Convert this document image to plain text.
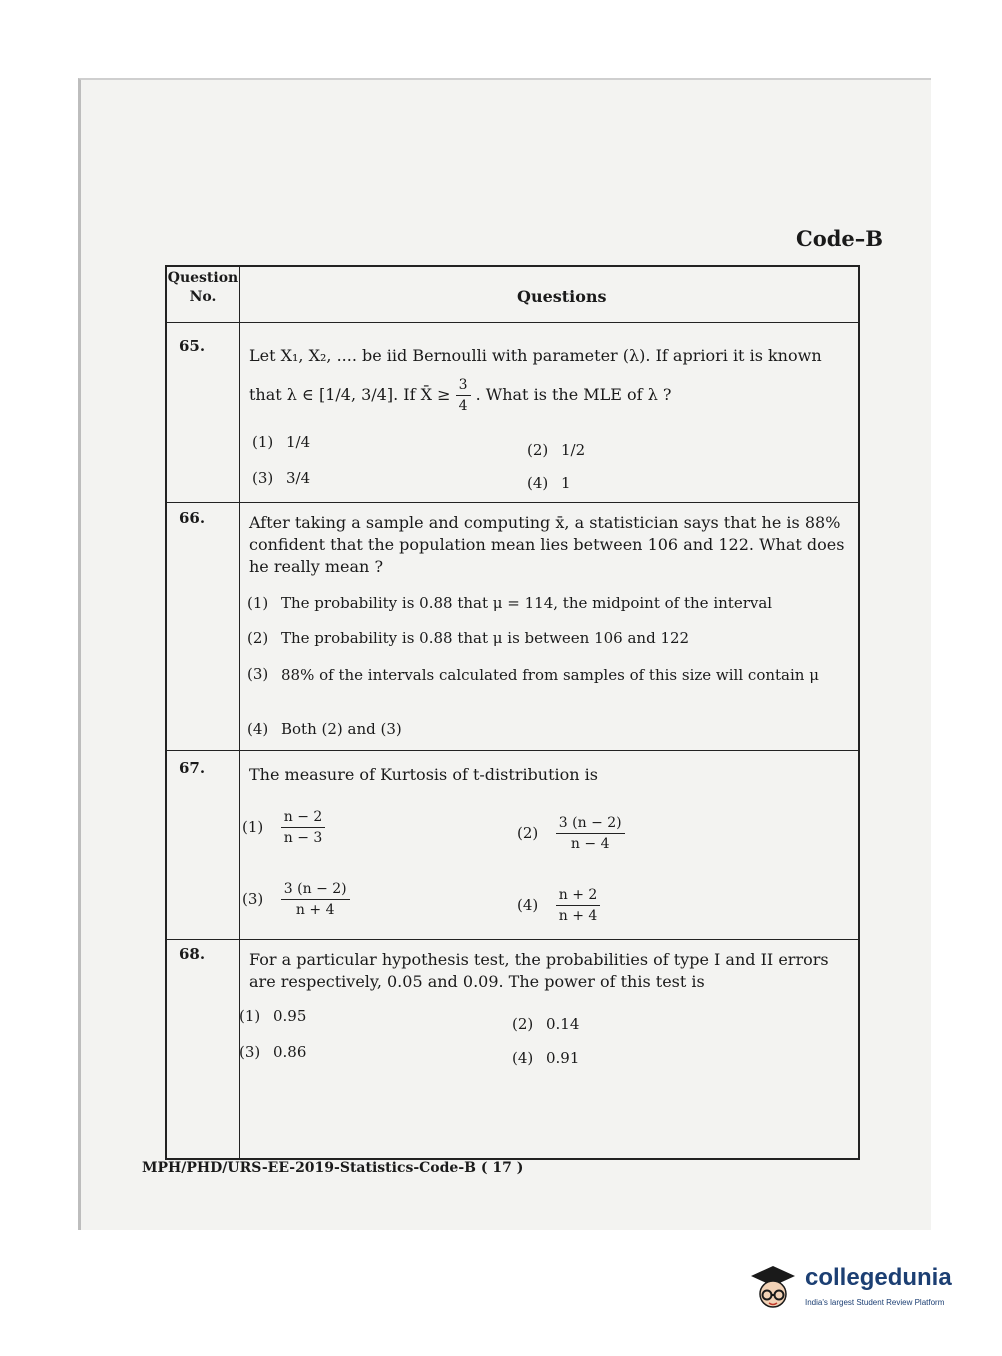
Code–B
Question No.	Questions
65.	Let X₁, X₂, .... be iid Bernoulli with parameter (λ). If apriori it is known
that λ ∈ [1/4, 3/4]. If X̄ ≥ $\frac{3}{4}$ . What is the MLE of λ ?
(1) 1/4	(2) 1/2
(3) 3/4	(4) 1
66.	After taking a sample and computing x̄, a statistician says that he is 88% confident that the population mean lies between 106 and 122. What does he really mean ?
(1) The probability is 0.88 that μ = 114, the midpoint of the interval
(2) The probability is 0.88 that μ is between 106 and 122
(3) 88% of the intervals calculated from samples of this size will contain μ
(4) Both (2) and (3)
67.	The measure of Kurtosis of t-distribution is
$(1) \frac{n - 2}{n - 3}$	$(2) \frac{3 (n - 2)}{n - 4}$
$(3) \frac{3 (n - 2)}{n + 4}$	$(4) \frac{n + 2}{n + 4}$
68.	For a particular hypothesis test, the probabilities of type I and II errors are respectively, 0.05 and 0.09. The power of this test is
(1) 0.95	(2) 0.14
(3) 0.86	(4) 0.91
MPH/PHD/URS-EE-2019-Statistics-Code-B ( 17 )
collegedunia
India's largest Student Review Platform
